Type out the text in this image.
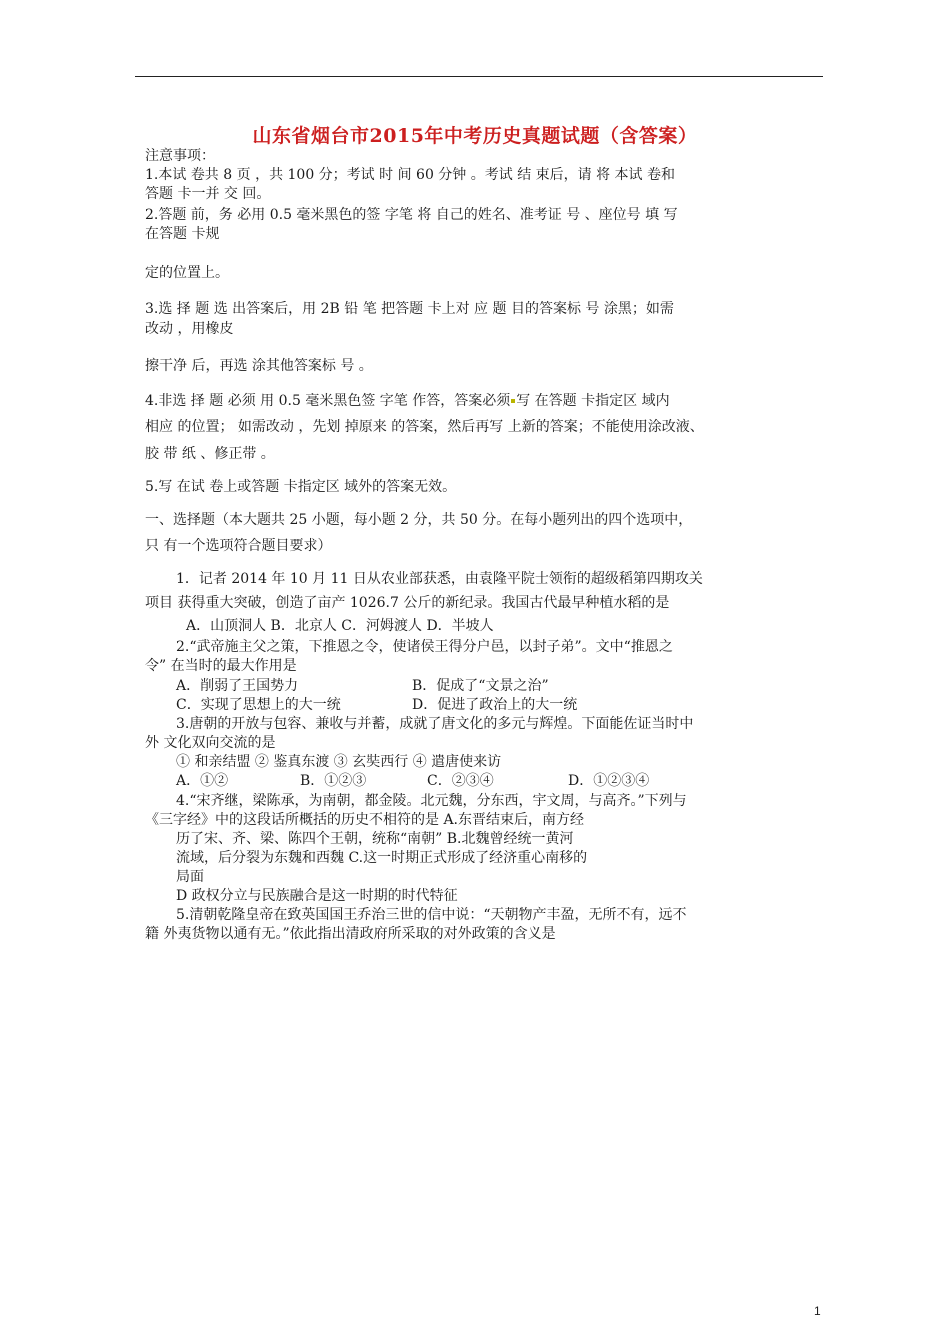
山东省烟台市2015年中考历史真题试题（含答案）
注意事项：
1.本试 卷共 8 页 ，共 100 分；考试 时 间 60 分钟 。考试 结 束后，请 将 本试 卷和
答题 卡一并 交 回。
2.答题 前，务 必用 0.5 毫米黑色的签 字笔 将 自己的姓名、准考证 号 、座位号 填 写
在答题 卡规
定的位置上。
3.选 择 题 选 出答案后，用 2B 铅 笔 把答题 卡上对 应 题 目的答案标 号 涂黑；如需
改动 ，用橡皮
擦干净 后，再选 涂其他答案标 号 。
4.非选 择 题 必须 用 0.5 毫米黑色签 字笔 作答，答案必须 写 在答题 卡指定区 域内
相应 的位置； 如需改动 ，先划 掉原来 的答案，然后再写 上新的答案；不能使用涂改液、
胶 带 纸 、修正带 。
5.写 在试 卷上或答题 卡指定区 域外的答案无效。
一、选择题（本大题共 25 小题，每小题 2 分，共 50 分。在每小题列出的四个选项中，
只 有一个选项符合题目要求）
1．记者 2014 年 10 月 11 日从农业部获悉，由袁隆平院士领衔的超级稻第四期攻关
项目 获得重大突破，创造了亩产 1026.7 公斤的新纪录。我国古代最早种植水稻的是
A．山顶洞人 B．北京人 C．河姆渡人 D．半坡人
2.“武帝施主父之策，下推恩之令，使诸侯王得分户邑，以封子弟”。文中“推恩之
令” 在当时的最大作用是
A．削弱了王国势力	B．促成了“文景之治”
C．实现了思想上的大一统	D．促进了政治上的大一统
3.唐朝的开放与包容、兼收与并蓄，成就了唐文化的多元与辉煌。下面能佐证当时中
外 文化双向交流的是
① 和亲结盟 ② 鉴真东渡 ③ 玄奘西行 ④ 遣唐使来访
A．①②	B．①②③	C．②③④	D．①②③④
4.“宋齐继，梁陈承，为南朝，都金陵。北元魏，分东西，宇文周，与高齐。”下列与
《三字经》中的这段话所概括的历史不相符的是 A.东晋结束后，南方经
历了宋、齐、梁、陈四个王朝，统称“南朝” B.北魏曾经统一黄河
流域，后分裂为东魏和西魏 C.这一时期正式形成了经济重心南移的
局面
D 政权分立与民族融合是这一时期的时代特征
5.清朝乾隆皇帝在致英国国王乔治三世的信中说：“天朝物产丰盈，无所不有，远不
籍 外夷货物以通有无。”依此指出清政府所采取的对外政策的含义是
1
